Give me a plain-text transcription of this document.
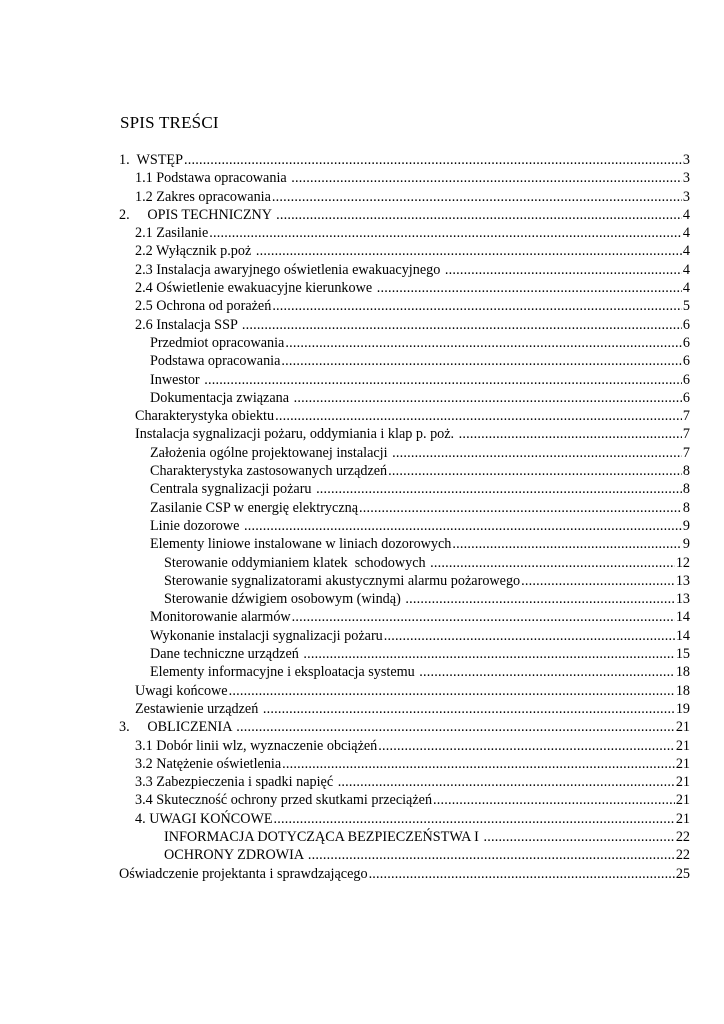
SPIS TREŚCI
1.  WSTĘP .....	3
1.1 Podstawa opracowania .....	3
1.2 Zakres opracowania .....	3
2.     OPIS TECHNICZNY .....	4
2.1 Zasilanie .....	4
2.2 Wyłącznik p.poż .....	4
2.3 Instalacja awaryjnego oświetlenia ewakuacyjnego .....	4
2.4 Oświetlenie ewakuacyjne kierunkowe .....	4
2.5 Ochrona od porażeń .....	5
2.6 Instalacja SSP .....	6
Przedmiot opracowania .....	6
Podstawa opracowania .....	6
Inwestor .....	6
Dokumentacja związana .....	6
Charakterystyka obiektu .....	7
Instalacja sygnalizacji pożaru, oddymiania i klap p. poż. .....	7
Założenia ogólne projektowanej instalacji .....	7
Charakterystyka zastosowanych urządzeń .....	8
Centrala sygnalizacji pożaru .....	8
Zasilanie CSP w energię elektryczną .....	8
Linie dozorowe .....	9
Elementy liniowe instalowane w liniach dozorowych .....	9
Sterowanie oddymianiem klatek  schodowych .....	12
Sterowanie sygnalizatorami akustycznymi alarmu pożarowego .....	13
Sterowanie dźwigiem osobowym (windą) .....	13
Monitorowanie alarmów .....	14
Wykonanie instalacji sygnalizacji pożaru .....	14
Dane techniczne urządzeń .....	15
Elementy informacyjne i eksploatacja systemu .....	18
Uwagi końcowe .....	18
Zestawienie urządzeń .....	19
3.     OBLICZENIA .....	21
3.1 Dobór linii wlz, wyznaczenie obciążeń .....	21
3.2 Natężenie oświetlenia .....	21
3.3 Zabezpieczenia i spadki napięć .....	21
3.4 Skuteczność ochrony przed skutkami przeciążeń .....	21
4. UWAGI KOŃCOWE .....	21
INFORMACJA DOTYCZĄCA BEZPIECZEŃSTWA I .....	22
OCHRONY ZDROWIA .....	22
Oświadczenie projektanta i sprawdzającego .....	25
